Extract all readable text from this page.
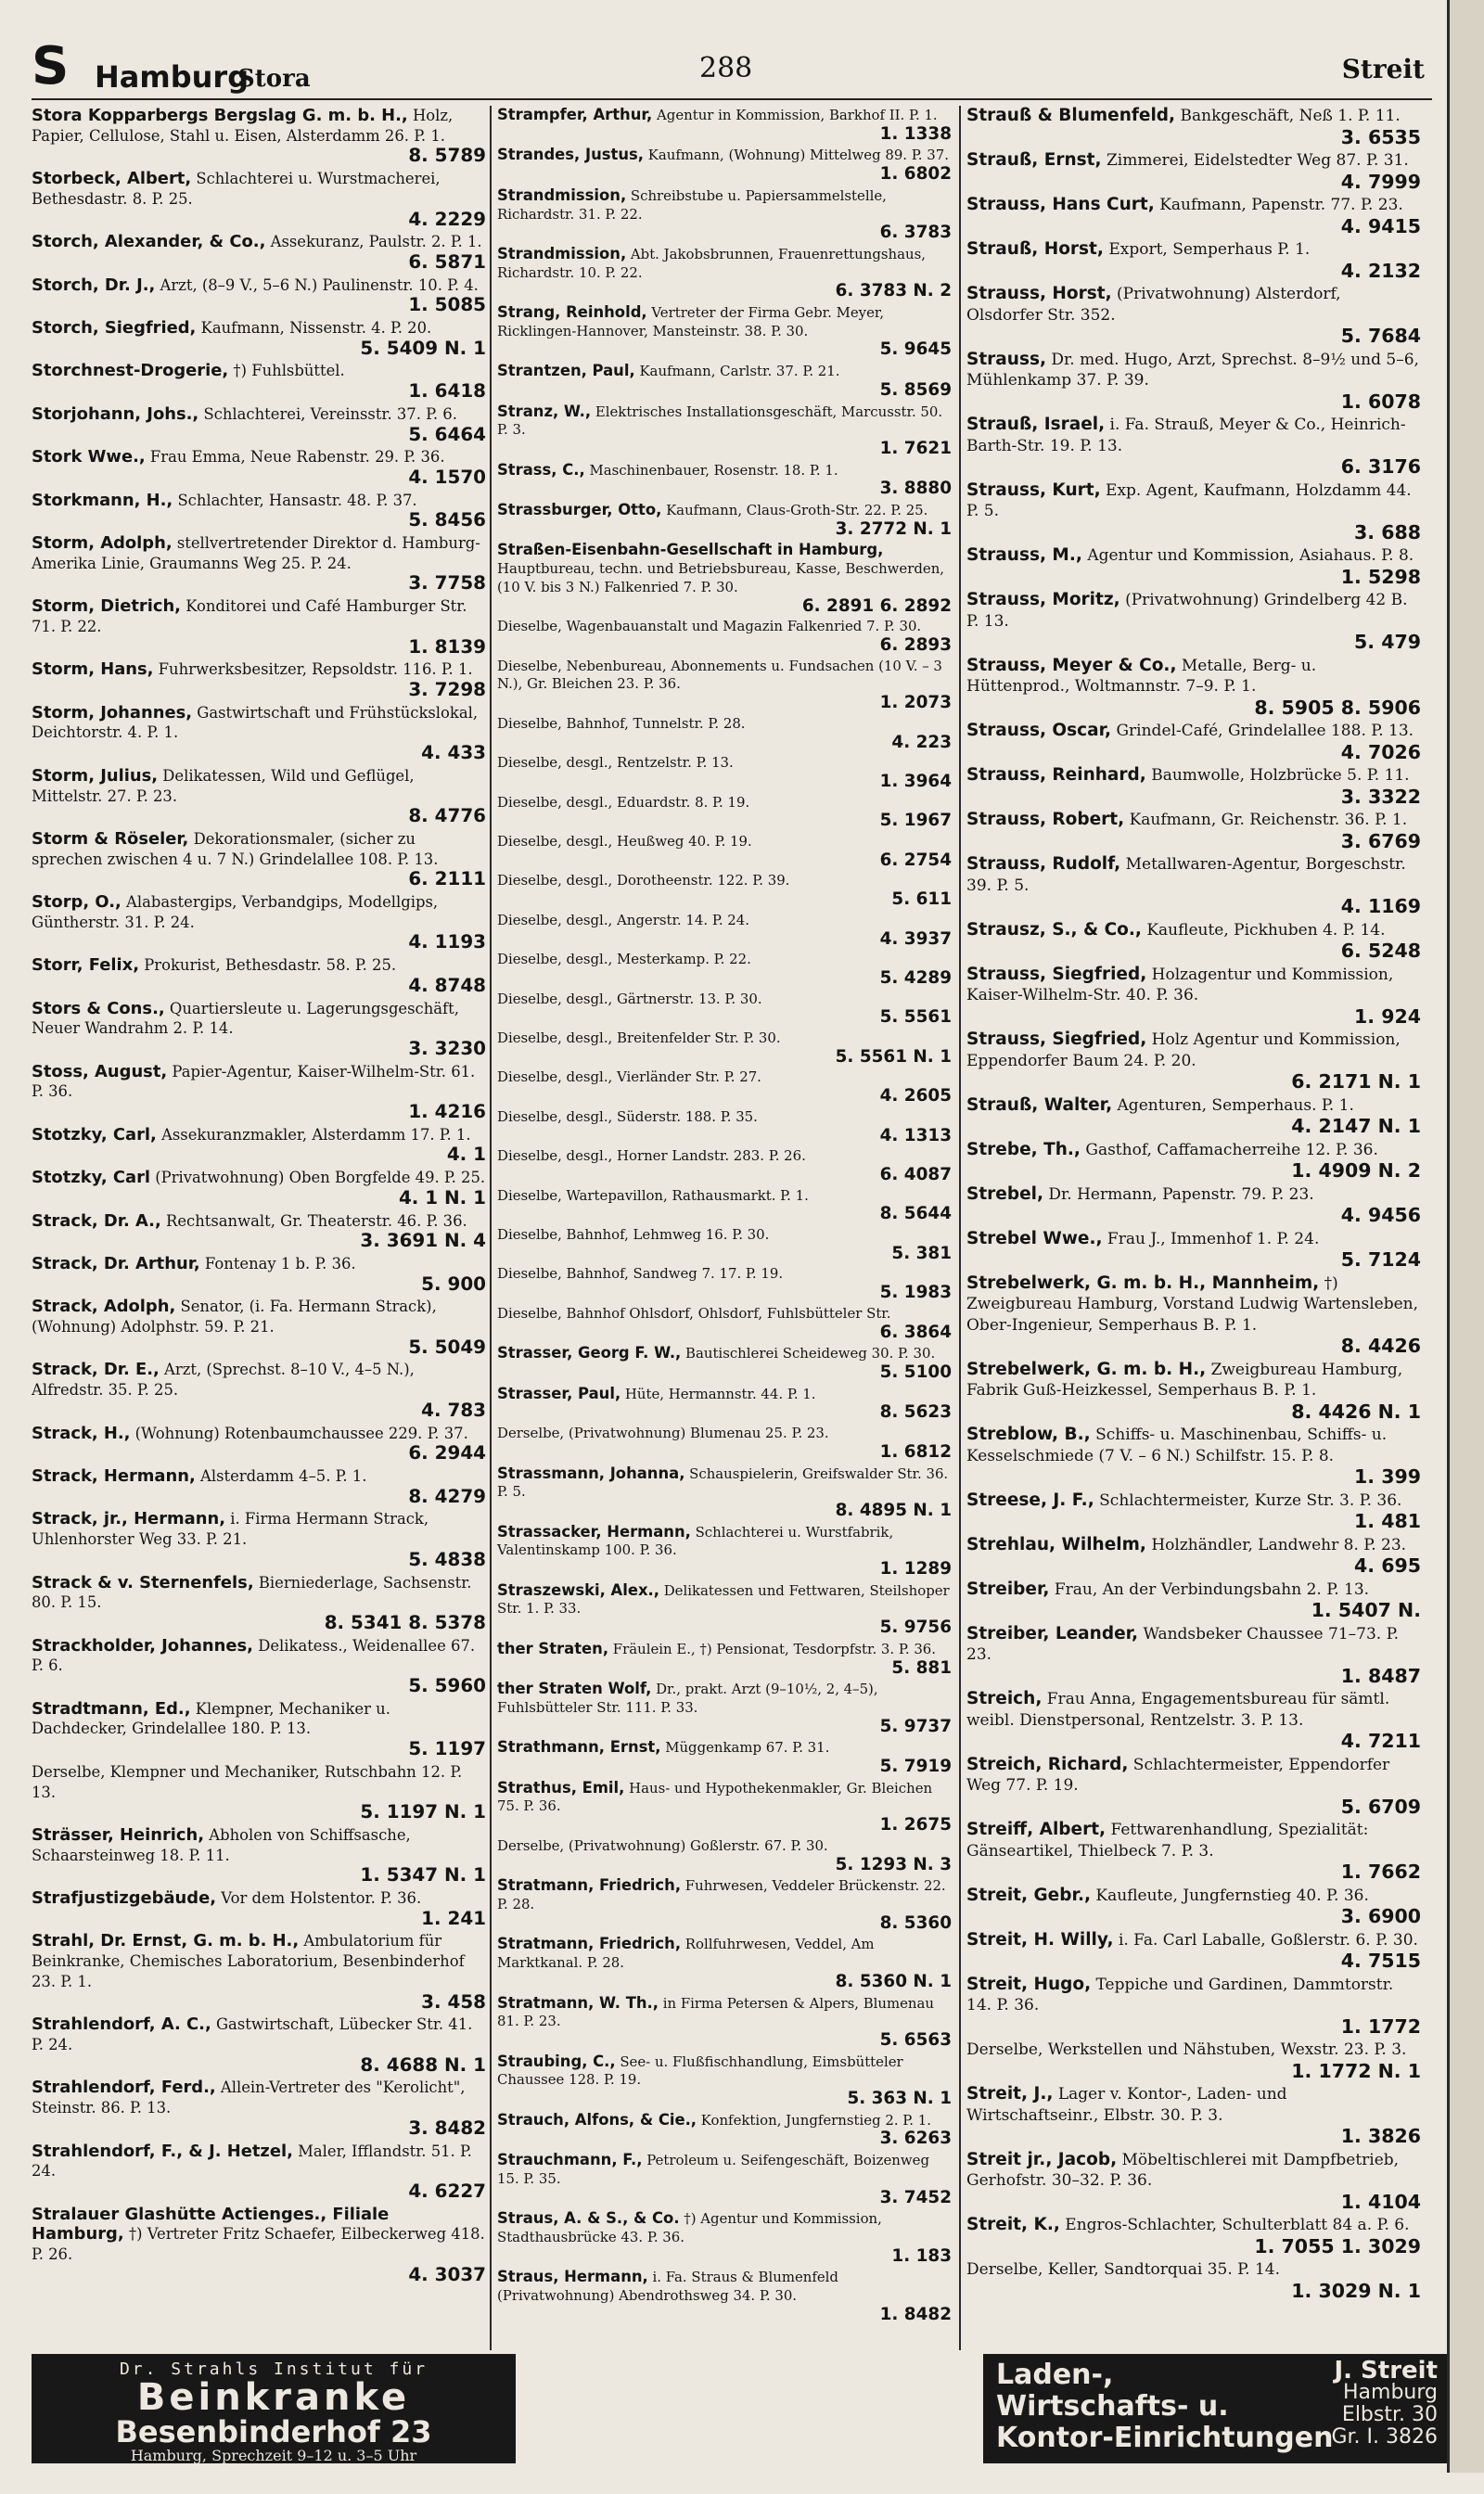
S Hamburg
Stora	288	Streit
Stora Kopparbergs Bergslag G. m. b. H., Holz, Papier, Cellulose, Stahl u. Eisen, Alsterdamm 26. P. 1.
8. 5789
Storbeck, Albert, Schlachterei u. Wurstmacherei, Bethesdastr. 8. P. 25.
4. 2229
Storch, Alexander, & Co., Assekuranz, Paulstr. 2. P. 1.
6. 5871
Storch, Dr. J., Arzt, (8–9 V., 5–6 N.) Paulinenstr. 10. P. 4.
1. 5085
Storch, Siegfried, Kaufmann, Nissenstr. 4. P. 20.
5. 5409 N. 1
Storchnest-Drogerie, †) Fuhlsbüttel.
1. 6418
Storjohann, Johs., Schlachterei, Vereinsstr. 37. P. 6.
5. 6464
Stork Wwe., Frau Emma, Neue Rabenstr. 29. P. 36.
4. 1570
Storkmann, H., Schlachter, Hansastr. 48. P. 37.
5. 8456
Storm, Adolph, stellvertretender Direktor d. Hamburg-Amerika Linie, Graumanns Weg 25. P. 24.
3. 7758
Storm, Dietrich, Konditorei und Café Hamburger Str. 71. P. 22.
1. 8139
Storm, Hans, Fuhrwerksbesitzer, Repsoldstr. 116. P. 1.
3. 7298
Storm, Johannes, Gastwirtschaft und Frühstückslokal, Deichtorstr. 4. P. 1.
4. 433
Storm, Julius, Delikatessen, Wild und Geflügel, Mittelstr. 27. P. 23.
8. 4776
Storm & Röseler, Dekorationsmaler, (sicher zu sprechen zwischen 4 u. 7 N.) Grindelallee 108. P. 13.
6. 2111
Storp, O., Alabastergips, Verbandgips, Modellgips, Güntherstr. 31. P. 24.
4. 1193
Storr, Felix, Prokurist, Bethesdastr. 58. P. 25.
4. 8748
Stors & Cons., Quartiersleute u. Lagerungsgeschäft, Neuer Wandrahm 2. P. 14.
3. 3230
Stoss, August, Papier-Agentur, Kaiser-Wilhelm-Str. 61. P. 36.
1. 4216
Stotzky, Carl, Assekuranzmakler, Alsterdamm 17. P. 1.
4. 1
Stotzky, Carl (Privatwohnung) Oben Borgfelde 49. P. 25.
4. 1 N. 1
Strack, Dr. A., Rechtsanwalt, Gr. Theaterstr. 46. P. 36.
3. 3691 N. 4
Strack, Dr. Arthur, Fontenay 1 b. P. 36.
5. 900
Strack, Adolph, Senator, (i. Fa. Hermann Strack), (Wohnung) Adolphstr. 59. P. 21.
5. 5049
Strack, Dr. E., Arzt, (Sprechst. 8–10 V., 4–5 N.), Alfredstr. 35. P. 25.
4. 783
Strack, H., (Wohnung) Rotenbaumchaussee 229. P. 37.
6. 2944
Strack, Hermann, Alsterdamm 4–5. P. 1.
8. 4279
Strack, jr., Hermann, i. Firma Hermann Strack, Uhlenhorster Weg 33. P. 21.
5. 4838
Strack & v. Sternenfels, Bierniederlage, Sachsenstr. 80. P. 15.
8. 5341 8. 5378
Strackholder, Johannes, Delikatess., Weidenallee 67. P. 6.
5. 5960
Stradtmann, Ed., Klempner, Mechaniker u. Dachdecker, Grindelallee 180. P. 13.
5. 1197
Derselbe, Klempner und Mechaniker, Rutschbahn 12. P. 13.
5. 1197 N. 1
Strässer, Heinrich, Abholen von Schiffsasche, Schaarsteinweg 18. P. 11.
1. 5347 N. 1
Strafjustizgebäude, Vor dem Holstentor. P. 36.
1. 241
Strahl, Dr. Ernst, G. m. b. H., Ambulatorium für Beinkranke, Chemisches Laboratorium, Besenbinderhof 23. P. 1.
3. 458
Strahlendorf, A. C., Gastwirtschaft, Lübecker Str. 41. P. 24.
8. 4688 N. 1
Strahlendorf, Ferd., Allein-Vertreter des "Kerolicht", Steinstr. 86. P. 13.
3. 8482
Strahlendorf, F., & J. Hetzel, Maler, Ifflandstr. 51. P. 24.
4. 6227
Stralauer Glashütte Actienges., Filiale Hamburg, †) Vertreter Fritz Schaefer, Eilbeckerweg 418. P. 26.
4. 3037
Strampfer, Arthur, Agentur in Kommission, Barkhof II. P. 1.
1. 1338
Strandes, Justus, Kaufmann, (Wohnung) Mittelweg 89. P. 37.
1. 6802
Strandmission, Schreibstube u. Papiersammelstelle, Richardstr. 31. P. 22.
6. 3783
Strandmission, Abt. Jakobsbrunnen, Frauenrettungshaus, Richardstr. 10. P. 22.
6. 3783 N. 2
Strang, Reinhold, Vertreter der Firma Gebr. Meyer, Ricklingen-Hannover, Mansteinstr. 38. P. 30.
5. 9645
Strantzen, Paul, Kaufmann, Carlstr. 37. P. 21.
5. 8569
Stranz, W., Elektrisches Installationsgeschäft, Marcusstr. 50. P. 3.
1. 7621
Strass, C., Maschinenbauer, Rosenstr. 18. P. 1.
3. 8880
Strassburger, Otto, Kaufmann, Claus-Groth-Str. 22. P. 25.
3. 2772 N. 1
Straßen-Eisenbahn-Gesellschaft in Hamburg, Hauptbureau, techn. und Betriebsbureau, Kasse, Beschwerden, (10 V. bis 3 N.) Falkenried 7. P. 30.
6. 2891 6. 2892
Dieselbe, Wagenbauanstalt und Magazin Falkenried 7. P. 30.
6. 2893
Dieselbe, Nebenbureau, Abonnements u. Fundsachen (10 V. – 3 N.), Gr. Bleichen 23. P. 36.
1. 2073
Dieselbe, Bahnhof, Tunnelstr. P. 28.
4. 223
Dieselbe, desgl., Rentzelstr. P. 13.
1. 3964
Dieselbe, desgl., Eduardstr. 8. P. 19.
5. 1967
Dieselbe, desgl., Heußweg 40. P. 19.
6. 2754
Dieselbe, desgl., Dorotheenstr. 122. P. 39.
5. 611
Dieselbe, desgl., Angerstr. 14. P. 24.
4. 3937
Dieselbe, desgl., Mesterkamp. P. 22.
5. 4289
Dieselbe, desgl., Gärtnerstr. 13. P. 30.
5. 5561
Dieselbe, desgl., Breitenfelder Str. P. 30.
5. 5561 N. 1
Dieselbe, desgl., Vierländer Str. P. 27.
4. 2605
Dieselbe, desgl., Süderstr. 188. P. 35.
4. 1313
Dieselbe, desgl., Horner Landstr. 283. P. 26.
6. 4087
Dieselbe, Wartepavillon, Rathausmarkt. P. 1.
8. 5644
Dieselbe, Bahnhof, Lehmweg 16. P. 30.
5. 381
Dieselbe, Bahnhof, Sandweg 7. 17. P. 19.
5. 1983
Dieselbe, Bahnhof Ohlsdorf, Ohlsdorf, Fuhlsbütteler Str.
6. 3864
Strasser, Georg F. W., Bautischlerei Scheideweg 30. P. 30.
5. 5100
Strasser, Paul, Hüte, Hermannstr. 44. P. 1.
8. 5623
Derselbe, (Privatwohnung) Blumenau 25. P. 23.
1. 6812
Strassmann, Johanna, Schauspielerin, Greifswalder Str. 36. P. 5.
8. 4895 N. 1
Strassacker, Hermann, Schlachterei u. Wurstfabrik, Valentinskamp 100. P. 36.
1. 1289
Straszewski, Alex., Delikatessen und Fettwaren, Steilshoper Str. 1. P. 33.
5. 9756
ther Straten, Fräulein E., †) Pensionat, Tesdorpfstr. 3. P. 36.
5. 881
ther Straten Wolf, Dr., prakt. Arzt (9–10½, 2, 4–5), Fuhlsbütteler Str. 111. P. 33.
5. 9737
Strathmann, Ernst, Müggenkamp 67. P. 31.
5. 7919
Strathus, Emil, Haus- und Hypothekenmakler, Gr. Bleichen 75. P. 36.
1. 2675
Derselbe, (Privatwohnung) Goßlerstr. 67. P. 30.
5. 1293 N. 3
Stratmann, Friedrich, Fuhrwesen, Veddeler Brückenstr. 22. P. 28.
8. 5360
Stratmann, Friedrich, Rollfuhrwesen, Veddel, Am Marktkanal. P. 28.
8. 5360 N. 1
Stratmann, W. Th., in Firma Petersen & Alpers, Blumenau 81. P. 23.
5. 6563
Straubing, C., See- u. Flußfischhandlung, Eimsbütteler Chaussee 128. P. 19.
5. 363 N. 1
Strauch, Alfons, & Cie., Konfektion, Jungfernstieg 2. P. 1.
3. 6263
Strauchmann, F., Petroleum u. Seifengeschäft, Boizenweg 15. P. 35.
3. 7452
Straus, A. & S., & Co. †) Agentur und Kommission, Stadthausbrücke 43. P. 36.
1. 183
Straus, Hermann, i. Fa. Straus & Blumenfeld (Privatwohnung) Abendrothsweg 34. P. 30.
1. 8482
Strauß & Blumenfeld, Bankgeschäft, Neß 1. P. 11.
3. 6535
Strauß, Ernst, Zimmerei, Eidelstedter Weg 87. P. 31.
4. 7999
Strauss, Hans Curt, Kaufmann, Papenstr. 77. P. 23.
4. 9415
Strauß, Horst, Export, Semperhaus P. 1.
4. 2132
Strauss, Horst, (Privatwohnung) Alsterdorf, Olsdorfer Str. 352.
5. 7684
Strauss, Dr. med. Hugo, Arzt, Sprechst. 8–9½ und 5–6, Mühlenkamp 37. P. 39.
1. 6078
Strauß, Israel, i. Fa. Strauß, Meyer & Co., Heinrich-Barth-Str. 19. P. 13.
6. 3176
Strauss, Kurt, Exp. Agent, Kaufmann, Holzdamm 44. P. 5.
3. 688
Strauss, M., Agentur und Kommission, Asiahaus. P. 8.
1. 5298
Strauss, Moritz, (Privatwohnung) Grindelberg 42 B. P. 13.
5. 479
Strauss, Meyer & Co., Metalle, Berg- u. Hüttenprod., Woltmannstr. 7–9. P. 1.
8. 5905 8. 5906
Strauss, Oscar, Grindel-Café, Grindelallee 188. P. 13.
4. 7026
Strauss, Reinhard, Baumwolle, Holzbrücke 5. P. 11.
3. 3322
Strauss, Robert, Kaufmann, Gr. Reichenstr. 36. P. 1.
3. 6769
Strauss, Rudolf, Metallwaren-Agentur, Borgeschstr. 39. P. 5.
4. 1169
Strausz, S., & Co., Kaufleute, Pickhuben 4. P. 14.
6. 5248
Strauss, Siegfried, Holzagentur und Kommission, Kaiser-Wilhelm-Str. 40. P. 36.
1. 924
Strauss, Siegfried, Holz Agentur und Kommission, Eppendorfer Baum 24. P. 20.
6. 2171 N. 1
Strauß, Walter, Agenturen, Semperhaus. P. 1.
4. 2147 N. 1
Strebe, Th., Gasthof, Caffamacherreihe 12. P. 36.
1. 4909 N. 2
Strebel, Dr. Hermann, Papenstr. 79. P. 23.
4. 9456
Strebel Wwe., Frau J., Immenhof 1. P. 24.
5. 7124
Strebelwerk, G. m. b. H., Mannheim, †) Zweigbureau Hamburg, Vorstand Ludwig Wartensleben, Ober-Ingenieur, Semperhaus B. P. 1.
8. 4426
Strebelwerk, G. m. b. H., Zweigbureau Hamburg, Fabrik Guß-Heizkessel, Semperhaus B. P. 1.
8. 4426 N. 1
Streblow, B., Schiffs- u. Maschinenbau, Schiffs- u. Kesselschmiede (7 V. – 6 N.) Schilfstr. 15. P. 8.
1. 399
Streese, J. F., Schlachtermeister, Kurze Str. 3. P. 36.
1. 481
Strehlau, Wilhelm, Holzhändler, Landwehr 8. P. 23.
4. 695
Streiber, Frau, An der Verbindungsbahn 2. P. 13.
1. 5407 N.
Streiber, Leander, Wandsbeker Chaussee 71–73. P. 23.
1. 8487
Streich, Frau Anna, Engagementsbureau für sämtl. weibl. Dienstpersonal, Rentzelstr. 3. P. 13.
4. 7211
Streich, Richard, Schlachtermeister, Eppendorfer Weg 77. P. 19.
5. 6709
Streiff, Albert, Fettwarenhandlung, Spezialität: Gänseartikel, Thielbeck 7. P. 3.
1. 7662
Streit, Gebr., Kaufleute, Jungfernstieg 40. P. 36.
3. 6900
Streit, H. Willy, i. Fa. Carl Laballe, Goßlerstr. 6. P. 30.
4. 7515
Streit, Hugo, Teppiche und Gardinen, Dammtorstr. 14. P. 36.
1. 1772
Derselbe, Werkstellen und Nähstuben, Wexstr. 23. P. 3.
1. 1772 N. 1
Streit, J., Lager v. Kontor-, Laden- und Wirtschaftseinr., Elbstr. 30. P. 3.
1. 3826
Streit jr., Jacob, Möbeltischlerei mit Dampfbetrieb, Gerhofstr. 30–32. P. 36.
1. 4104
Streit, K., Engros-Schlachter, Schulterblatt 84 a. P. 6.
1. 7055 1. 3029
Derselbe, Keller, Sandtorquai 35. P. 14.
1. 3029 N. 1
Dr. Strahls Institut für
Beinkranke
Besenbinderhof 23
Hamburg, Sprechzeit 9–12 u. 3–5 Uhr
ausser Donnerstags, Sonntags nur 9–12
PROSPEKTE GRATIS.
Laden-,
Wirtschafts- u.
Kontor-Einrichtungen
J. Streit
Hamburg
Elbstr. 30
Gr. I. 3826
